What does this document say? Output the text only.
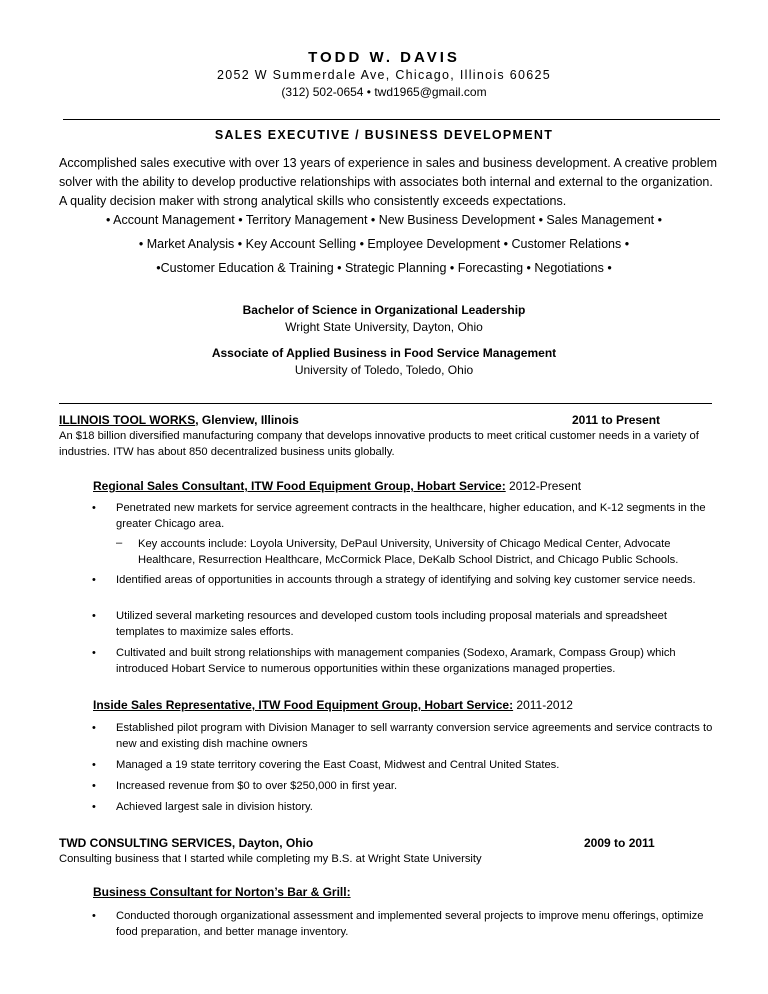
TODD W. DAVIS
2052 W Summerdale Ave, Chicago, Illinois 60625
(312) 502-0654 • twd1965@gmail.com
SALES EXECUTIVE / BUSINESS DEVELOPMENT
Accomplished sales executive with over 13 years of experience in sales and business development. A creative problem solver with the ability to develop productive relationships with associates both internal and external to the organization. A quality decision maker with strong analytical skills who consistently exceeds expectations.
• Account Management • Territory Management • New Business Development • Sales Management •
• Market Analysis • Key Account Selling • Employee Development • Customer Relations •
•Customer Education & Training • Strategic Planning • Forecasting • Negotiations •
Bachelor of Science in Organizational Leadership
Wright State University, Dayton, Ohio
Associate of Applied Business in Food Service Management
University of Toledo, Toledo, Ohio
ILLINOIS TOOL WORKS, Glenview, Illinois	2011 to Present
An $18 billion diversified manufacturing company that develops innovative products to meet critical customer needs in a variety of industries. ITW has about 850 decentralized business units globally.
Regional Sales Consultant, ITW Food Equipment Group, Hobart Service: 2012-Present
• Penetrated new markets for service agreement contracts in the healthcare, higher education, and K-12 segments in the greater Chicago area.
– Key accounts include: Loyola University, DePaul University, University of Chicago Medical Center, Advocate Healthcare, Resurrection Healthcare, McCormick Place, DeKalb School District, and Chicago Public Schools.
• Identified areas of opportunities in accounts through a strategy of identifying and solving key customer service needs.
• Utilized several marketing resources and developed custom tools including proposal materials and spreadsheet templates to maximize sales efforts.
• Cultivated and built strong relationships with management companies (Sodexo, Aramark, Compass Group) which introduced Hobart Service to numerous opportunities within these organizations managed properties.
Inside Sales Representative, ITW Food Equipment Group, Hobart Service: 2011-2012
• Established pilot program with Division Manager to sell warranty conversion service agreements and service contracts to new and existing dish machine owners
• Managed a 19 state territory covering the East Coast, Midwest and Central United States.
• Increased revenue from $0 to over $250,000 in first year.
• Achieved largest sale in division history.
TWD CONSULTING SERVICES, Dayton, Ohio	2009 to 2011
Consulting business that I started while completing my B.S. at Wright State University
Business Consultant for Norton’s Bar & Grill:
• Conducted thorough organizational assessment and implemented several projects to improve menu offerings, optimize food preparation, and better manage inventory.
